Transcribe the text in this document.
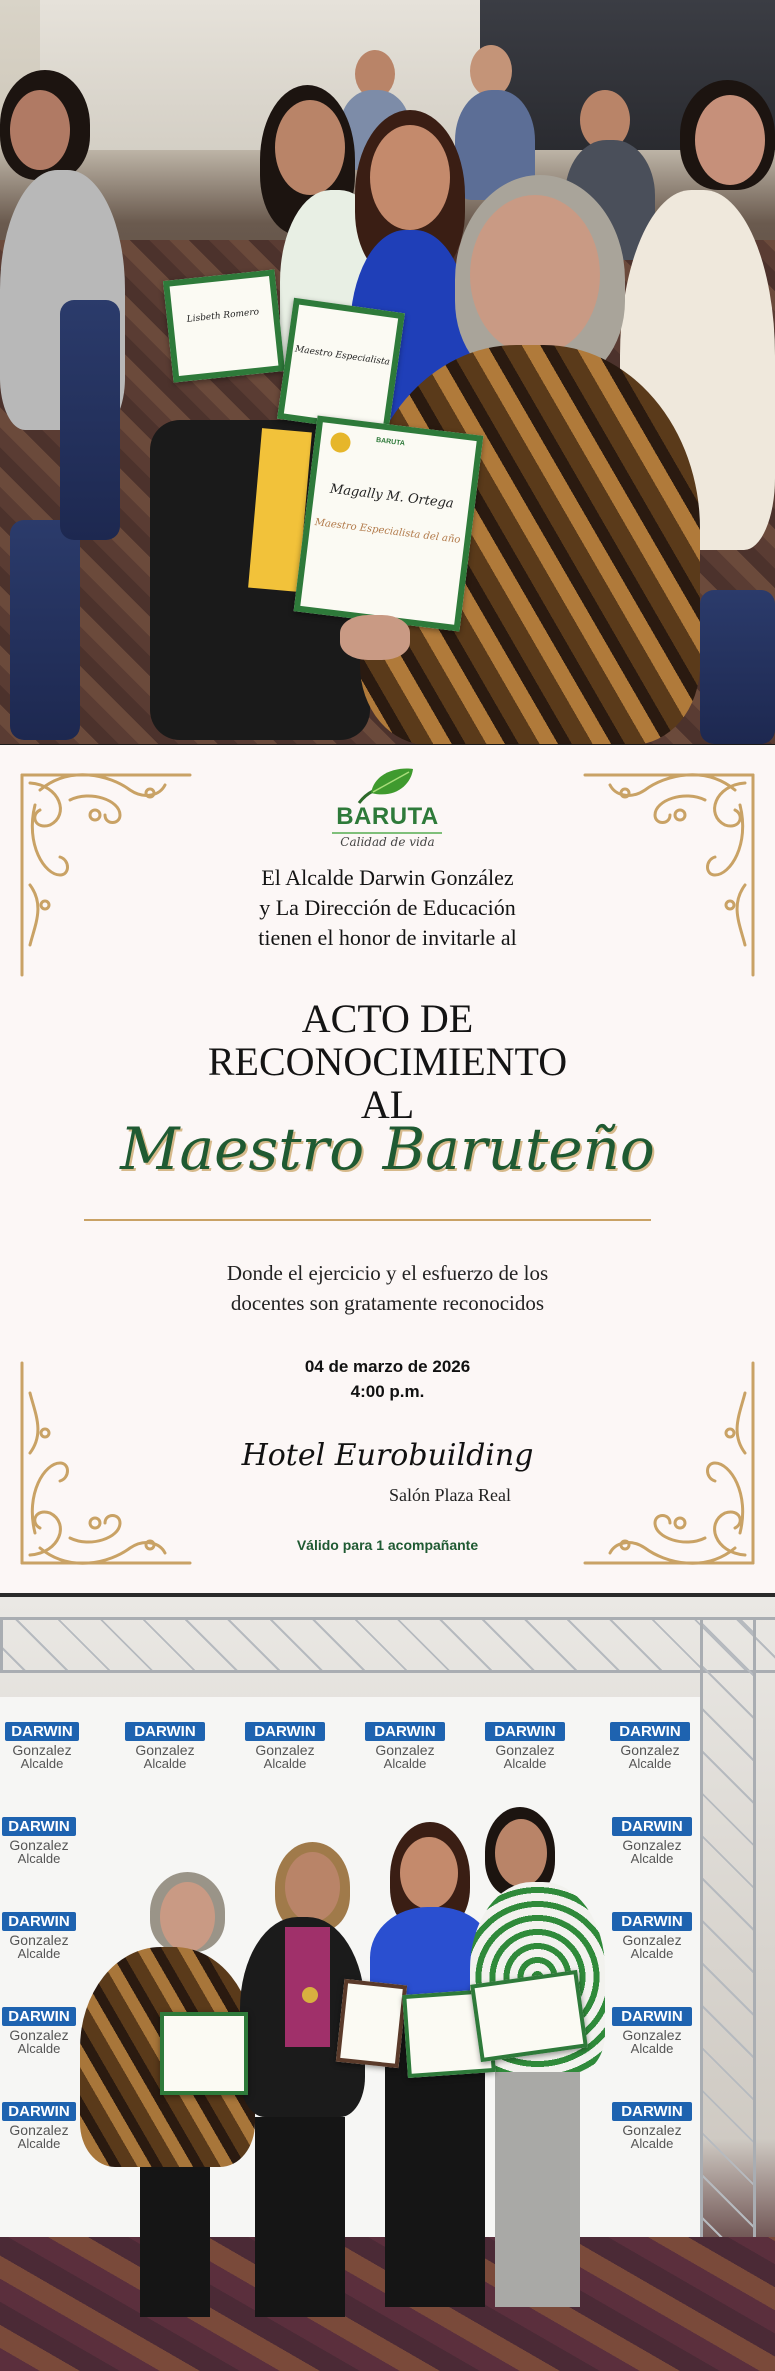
Lisbeth Romero
Maestro Especialista
BARUTA
Magally M. Ortega
Maestro Especialista del año
BARUTA
Calidad de vida
El Alcalde Darwin González
y La Dirección de Educación
tienen el honor de invitarle al
ACTO DE
RECONOCIMIENTO
AL
Maestro Baruteño
Donde el ejercicio y el esfuerzo de los
docentes son gratamente reconocidos
04 de marzo de 2026
4:00 p.m.
Hotel Eurobuilding
Salón Plaza Real
Válido para 1 acompañante
DARWIN
Gonzalez
Alcalde
DARWIN
Gonzalez
Alcalde
DARWIN
Gonzalez
Alcalde
DARWIN
Gonzalez
Alcalde
DARWIN
Gonzalez
Alcalde
DARWIN
Gonzalez
Alcalde
DARWIN
Gonzalez
Alcalde
DARWIN
Gonzalez
Alcalde
DARWIN
Gonzalez
Alcalde
DARWIN
Gonzalez
Alcalde
DARWIN
Gonzalez
Alcalde
DARWIN
Gonzalez
Alcalde
DARWIN
Gonzalez
Alcalde
DARWIN
Gonzalez
Alcalde
